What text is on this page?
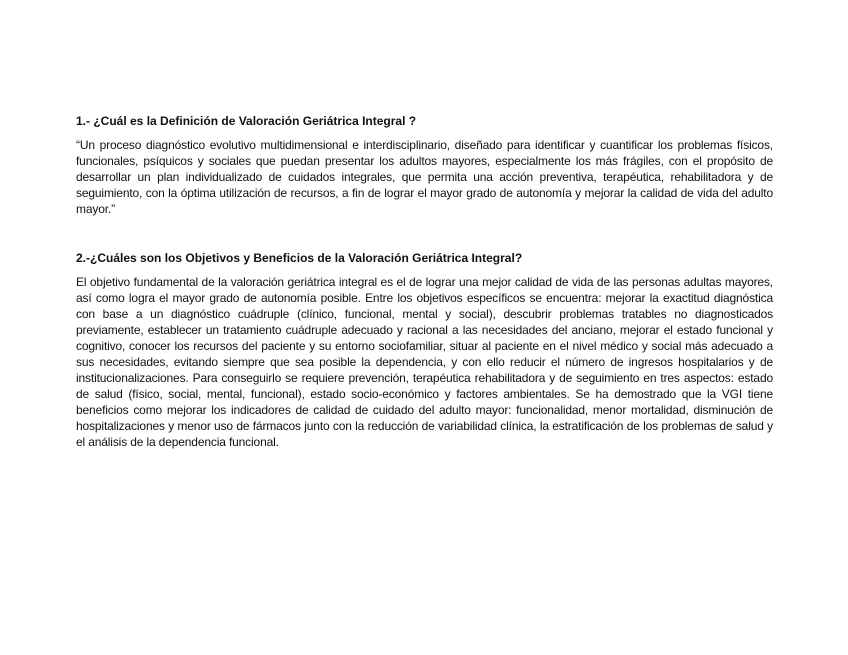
1.- ¿Cuál es la Definición de Valoración Geriátrica Integral ?

“Un proceso diagnóstico evolutivo multidimensional e interdisciplinario, diseñado para identificar y cuantificar los problemas físicos, funcionales, psíquicos y sociales que puedan presentar los adultos mayores, especialmente los más frágiles, con el propósito de desarrollar un plan individualizado de cuidados integrales, que permita una acción preventiva, terapéutica, rehabilitadora y de seguimiento, con la óptima utilización de recursos, a fin de lograr el mayor grado de autonomía y mejorar la calidad de vida del adulto mayor.”

2.-¿Cuáles son los Objetivos y Beneficios de la Valoración Geriátrica Integral?

El objetivo fundamental de la valoración geriátrica integral es el de lograr una mejor calidad de vida de las personas adultas mayores, así como logra el mayor grado de autonomía posible. Entre los objetivos específicos se encuentra: mejorar la exactitud diagnóstica con base a un diagnóstico cuádruple (clínico, funcional, mental y social), descubrir problemas tratables no diagnosticados previamente, establecer un tratamiento cuádruple adecuado y racional a las necesidades del anciano, mejorar el estado funcional y cognitivo, conocer los recursos del paciente y su entorno sociofamiliar, situar al paciente en el nivel médico y social más adecuado a sus necesidades, evitando siempre que sea posible la dependencia, y con ello reducir el número de ingresos hospitalarios y de institucionalizaciones. Para conseguirlo se requiere prevención, terapéutica rehabilitadora y de seguimiento en tres aspectos: estado de salud (físico, social, mental, funcional), estado socio-económico y factores ambientales. Se ha demostrado que la VGI tiene beneficios como mejorar los indicadores de calidad de cuidado del adulto mayor: funcionalidad, menor mortalidad, disminución de hospitalizaciones y menor uso de fármacos junto con la reducción de variabilidad clínica, la estratificación de los problemas de salud y el análisis de la dependencia funcional.
